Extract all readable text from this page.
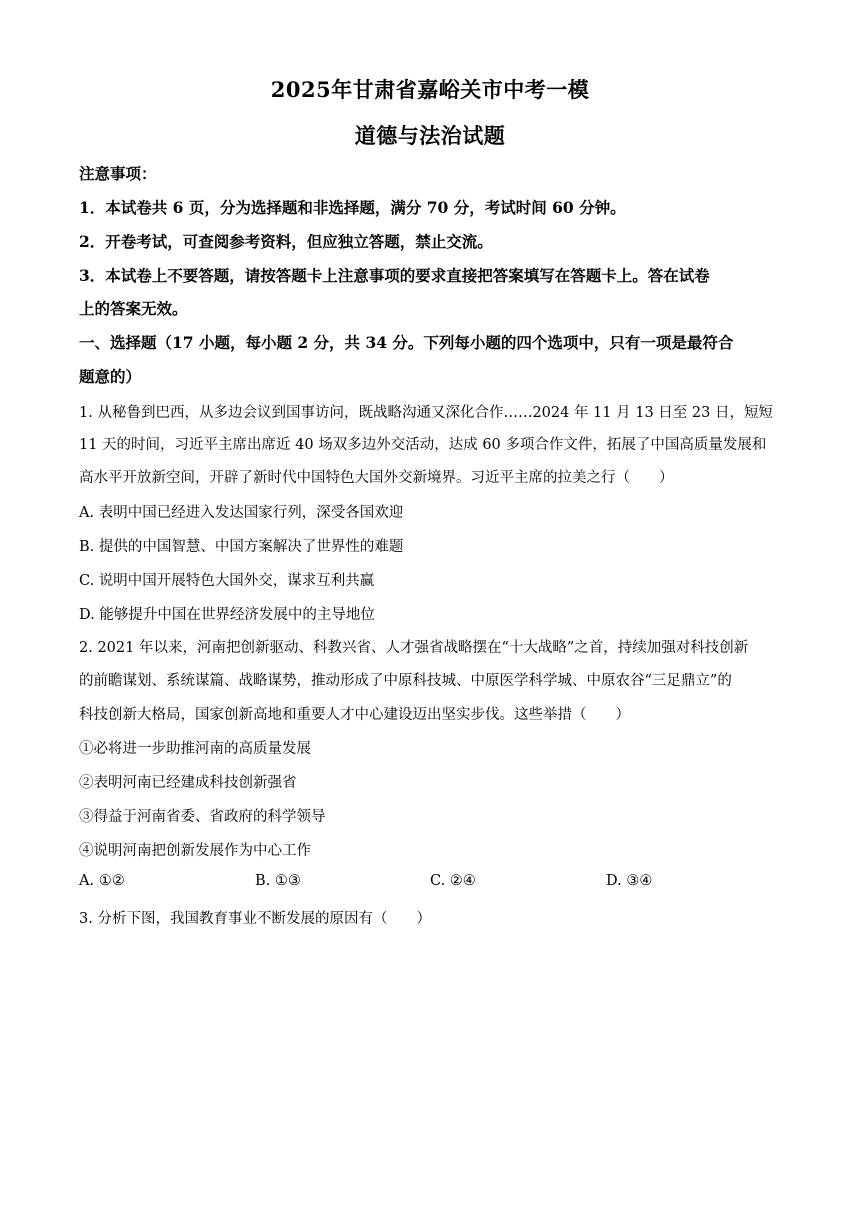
2025年甘肃省嘉峪关市中考一模
道德与法治试题
注意事项：
1．本试卷共 6 页，分为选择题和非选择题，满分 70 分，考试时间 60 分钟。
2．开卷考试，可查阅参考资料，但应独立答题，禁止交流。
3．本试卷上不要答题，请按答题卡上注意事项的要求直接把答案填写在答题卡上。答在试卷
上的答案无效。
一、选择题（17 小题，每小题 2 分，共 34 分。下列每小题的四个选项中，只有一项是最符合
题意的）
1. 从秘鲁到巴西，从多边会议到国事访问，既战略沟通又深化合作……2024 年 11 月 13 日至 23 日，短短
11 天的时间，习近平主席出席近 40 场双多边外交活动，达成 60 多项合作文件，拓展了中国高质量发展和
高水平开放新空间，开辟了新时代中国特色大国外交新境界。习近平主席的拉美之行（　　）
A. 表明中国已经进入发达国家行列，深受各国欢迎
B. 提供的中国智慧、中国方案解决了世界性的难题
C. 说明中国开展特色大国外交，谋求互利共赢
D. 能够提升中国在世界经济发展中的主导地位
2. 2021 年以来，河南把创新驱动、科教兴省、人才强省战略摆在“十大战略”之首，持续加强对科技创新
的前瞻谋划、系统谋篇、战略谋势，推动形成了中原科技城、中原医学科学城、中原农谷“三足鼎立”的
科技创新大格局，国家创新高地和重要人才中心建设迈出坚实步伐。这些举措（　　）
①必将进一步助推河南的高质量发展
②表明河南已经建成科技创新强省
③得益于河南省委、省政府的科学领导
④说明河南把创新发展作为中心工作
A. ①②	B. ①③	C. ②④	D. ③④
3. 分析下图，我国教育事业不断发展的原因有（　　）
